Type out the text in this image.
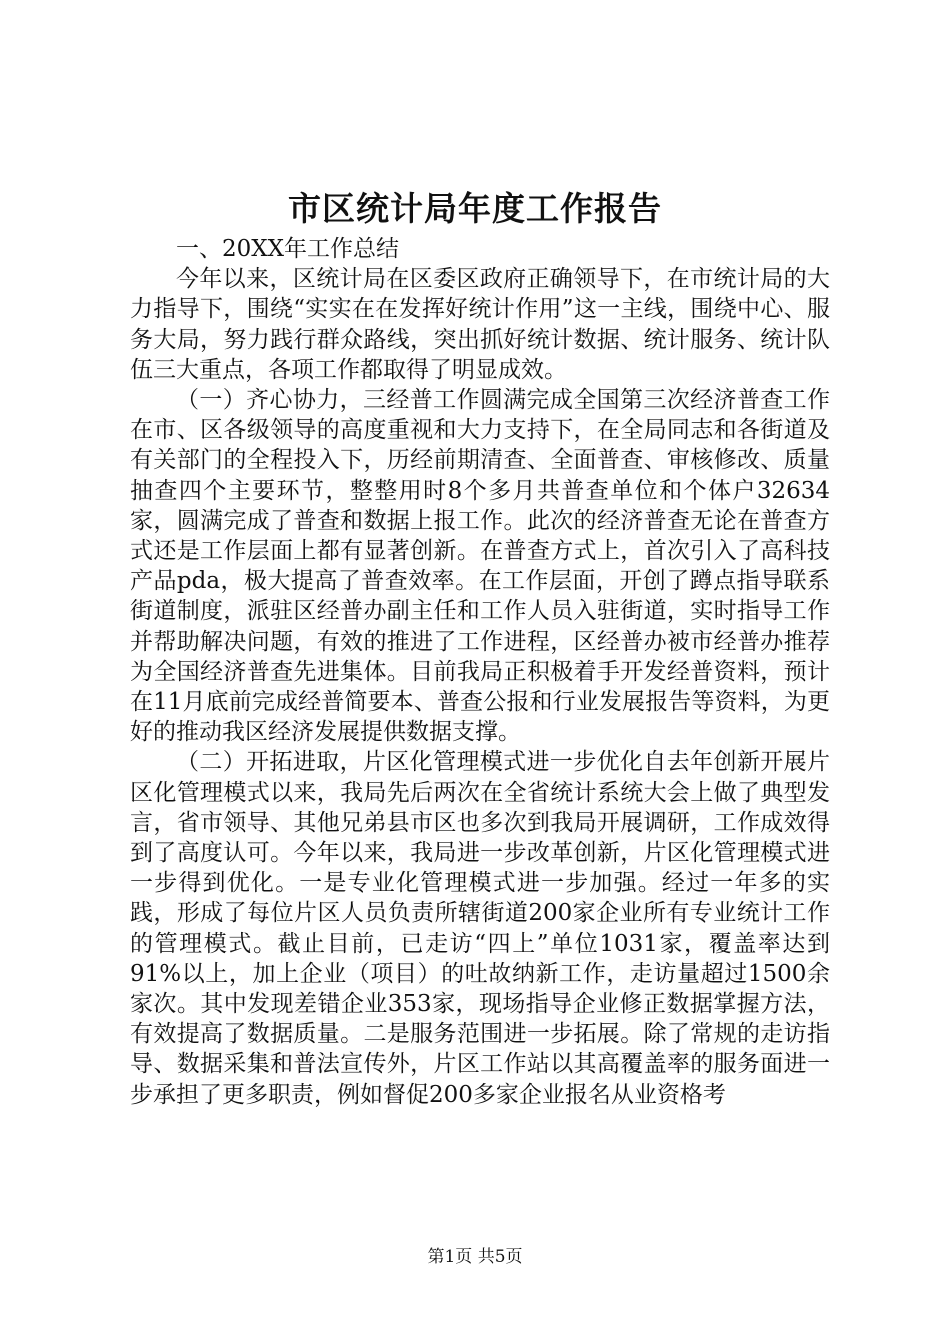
市区统计局年度工作报告

一、20XX年工作总结

今年以来，区统计局在区委区政府正确领导下，在市统计局的大力指导下，围绕“实实在在发挥好统计作用”这一主线，围绕中心、服务大局，努力践行群众路线，突出抓好统计数据、统计服务、统计队伍三大重点，各项工作都取得了明显成效。

（一）齐心协力，三经普工作圆满完成全国第三次经济普查工作在市、区各级领导的高度重视和大力支持下，在全局同志和各街道及有关部门的全程投入下，历经前期清查、全面普查、审核修改、质量抽查四个主要环节，整整用时8个多月共普查单位和个体户32634家，圆满完成了普查和数据上报工作。此次的经济普查无论在普查方式还是工作层面上都有显著创新。在普查方式上，首次引入了高科技产品pda，极大提高了普查效率。在工作层面，开创了蹲点指导联系街道制度，派驻区经普办副主任和工作人员入驻街道，实时指导工作并帮助解决问题，有效的推进了工作进程，区经普办被市经普办推荐为全国经济普查先进集体。目前我局正积极着手开发经普资料，预计在11月底前完成经普简要本、普查公报和行业发展报告等资料，为更好的推动我区经济发展提供数据支撑。

（二）开拓进取，片区化管理模式进一步优化自去年创新开展片区化管理模式以来，我局先后两次在全省统计系统大会上做了典型发言，省市领导、其他兄弟县市区也多次到我局开展调研，工作成效得到了高度认可。今年以来，我局进一步改革创新，片区化管理模式进一步得到优化。一是专业化管理模式进一步加强。经过一年多的实践，形成了每位片区人员负责所辖街道200家企业所有专业统计工作的管理模式。截止目前，已走访“四上”单位1031家，覆盖率达到91%以上，加上企业（项目）的吐故纳新工作，走访量超过1500余家次。其中发现差错企业353家，现场指导企业修正数据掌握方法，有效提高了数据质量。二是服务范围进一步拓展。除了常规的走访指导、数据采集和普法宣传外，片区工作站以其高覆盖率的服务面进一步承担了更多职责，例如督促200多家企业报名从业资格考

第1页 共5页
